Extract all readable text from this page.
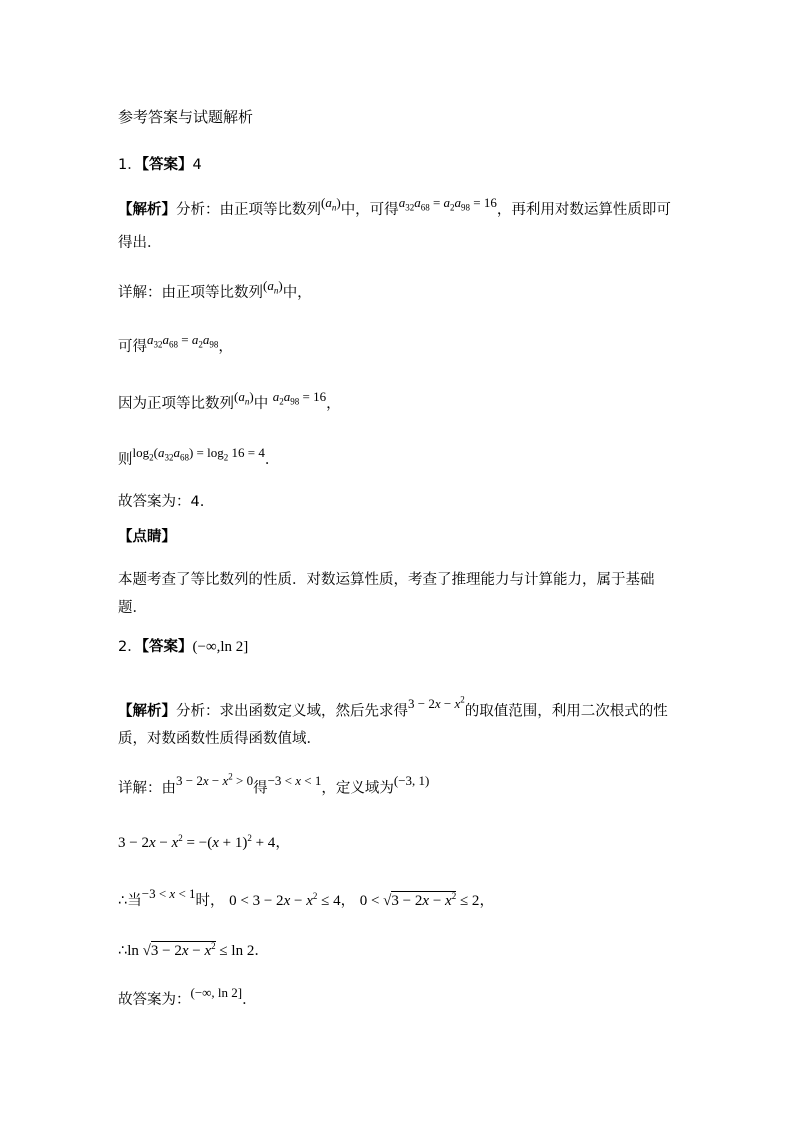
参考答案与试题解析
1．【答案】4
【解析】分析：由正项等比数列$(a_n)$中，可得$a_{32}a_{68} = a_2a_{98} = 16$，再利用对数运算性质即可得出．
详解：由正项等比数列$(a_n)$中，
可得$a_{32}a_{68} = a_2a_{98}$，
因为正项等比数列$(a_n)$中 $a_2a_{98} = 16$，
则$\log_2(a_{32}a_{68}) = \log_2 16 = 4$．
故答案为：4.
【点睛】
本题考查了等比数列的性质．对数运算性质，考查了推理能力与计算能力，属于基础题．
2．【答案】(−∞,ln 2]
【解析】分析：求出函数定义域，然后先求得$3 - 2x - x^2$的取值范围，利用二次根式的性质，对数函数性质得函数值域．
详解：由$3 - 2x - x^2 > 0$得−3 < x < 1，定义域为(−3, 1)
$3 - 2x - x^2 = -(x + 1)^2 + 4$，
∴当−3 < x < 1时， $0 < 3 - 2x - x^2 \le 4$， $0 < √3 - 2x - x^2 \le 2$，
∴ln $√3 - 2x - x^2 \le \ln 2$．
故答案为：(−∞, ln 2]．
